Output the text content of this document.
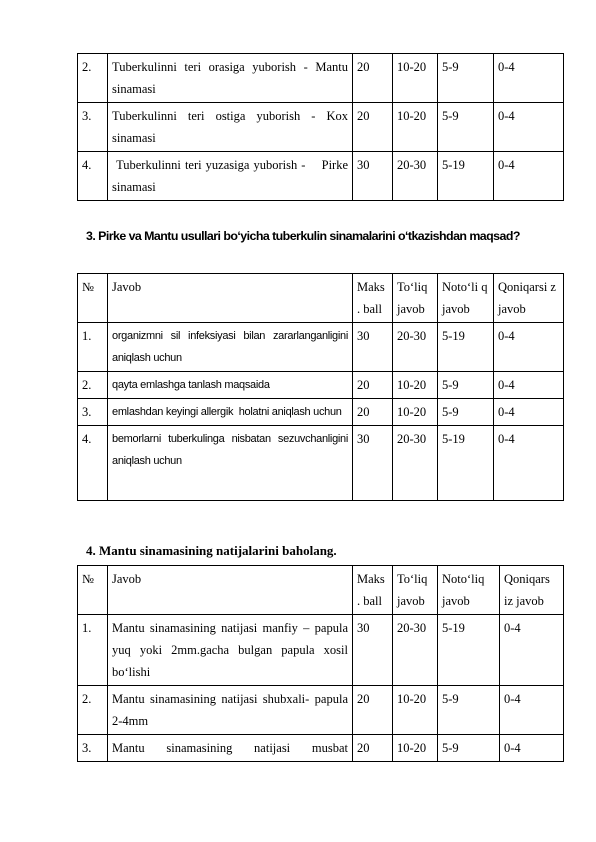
2.	Tuberkulinni teri orasiga yuborish - Mantu sinamasi	20	10-20	5-9	0-4
3.	Tuberkulinni teri ostiga yuborish - Kox sinamasi	20	10-20	5-9	0-4
4.	Tuberkulinni teri yuzasiga yuborish -    Pirke sinamasi	30	20-30	5-19	0-4
3. Pirke va Mantu usullari bo‘yicha tuberkulin sinamalarini o‘tkazishdan maqsad?
№	Javob	Maks . ball	To‘liq javob	Noto‘li q javob	Qoniqarsi z javob
1.	organizmni sil infeksiyasi bilan zararlanganligini aniqlash uchun	30	20-30	5-19	0-4
2.	qayta emlashga tanlash maqsaida	20	10-20	5-9	0-4
3.	emlashdan keyingi allergik  holatni aniqlash uchun	20	10-20	5-9	0-4
4.	bemorlarni tuberkulinga nisbatan sezuvchanligini aniqlash uchun	30	20-30	5-19	0-4
4. Mantu sinamasining natijalarini baholang.
№	Javob	Maks . ball	To‘liq javob	Noto‘liq javob	Qoniqars iz javob
1.	Mantu sinamasining natijasi manfiy – papula yuq yoki 2mm.gacha bulgan papula xosil bo‘lishi	30	20-30	5-19	0-4
2.	Mantu sinamasining natijasi shubxali- papula 2-4mm	20	10-20	5-9	0-4
3.	Mantu sinamasining natijasi musbat	20	10-20	5-9	0-4
